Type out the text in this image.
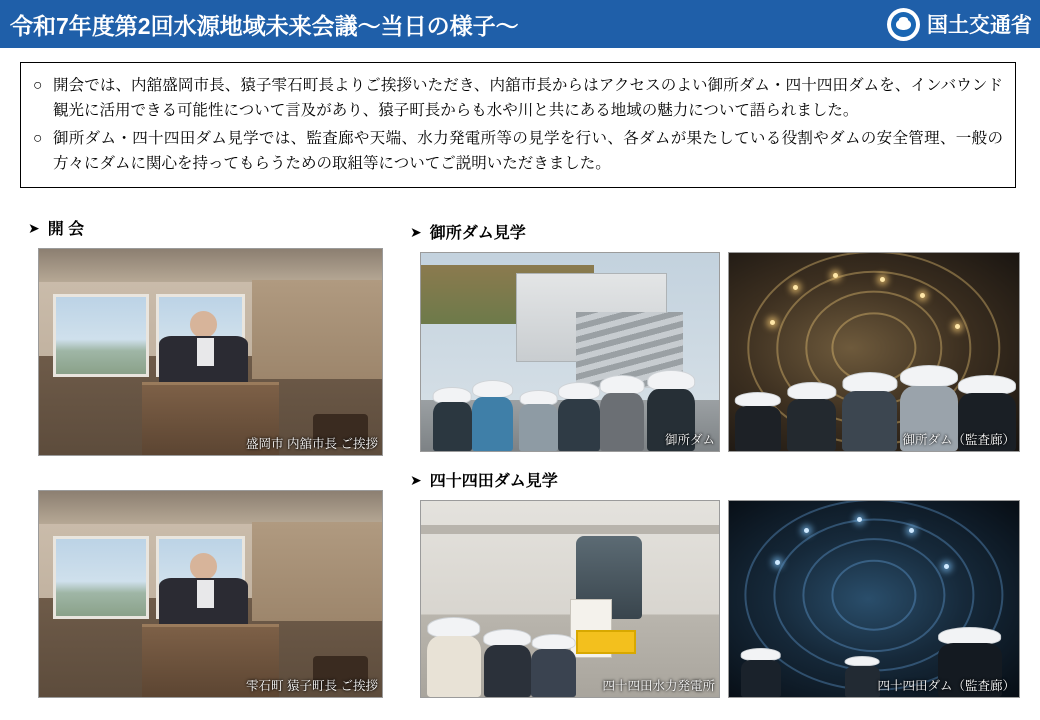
令和7年度第2回水源地域未来会議～当日の様子～	国土交通省
○ 開会では、内舘盛岡市長、猿子雫石町長よりご挨拶いただき、内舘市長からはアクセスのよい御所ダム・四十四田ダムを、インバウンド観光に活用できる可能性について言及があり、猿子町長からも水や川と共にある地域の魅力について語られました。
○ 御所ダム・四十四田ダム見学では、監査廊や天端、水力発電所等の見学を行い、各ダムが果たしている役割やダムの安全管理、一般の方々にダムに関心を持ってもらうための取組等についてご説明いただきました。
➤ 開 会	➤ 御所ダム見学
➤ 四十四田ダム見学
盛岡市 内舘市長 ご挨拶
雫石町 猿子町長 ご挨拶
御所ダム	御所ダム（監査廊）
四十四田水力発電所	四十四田ダム（監査廊）
